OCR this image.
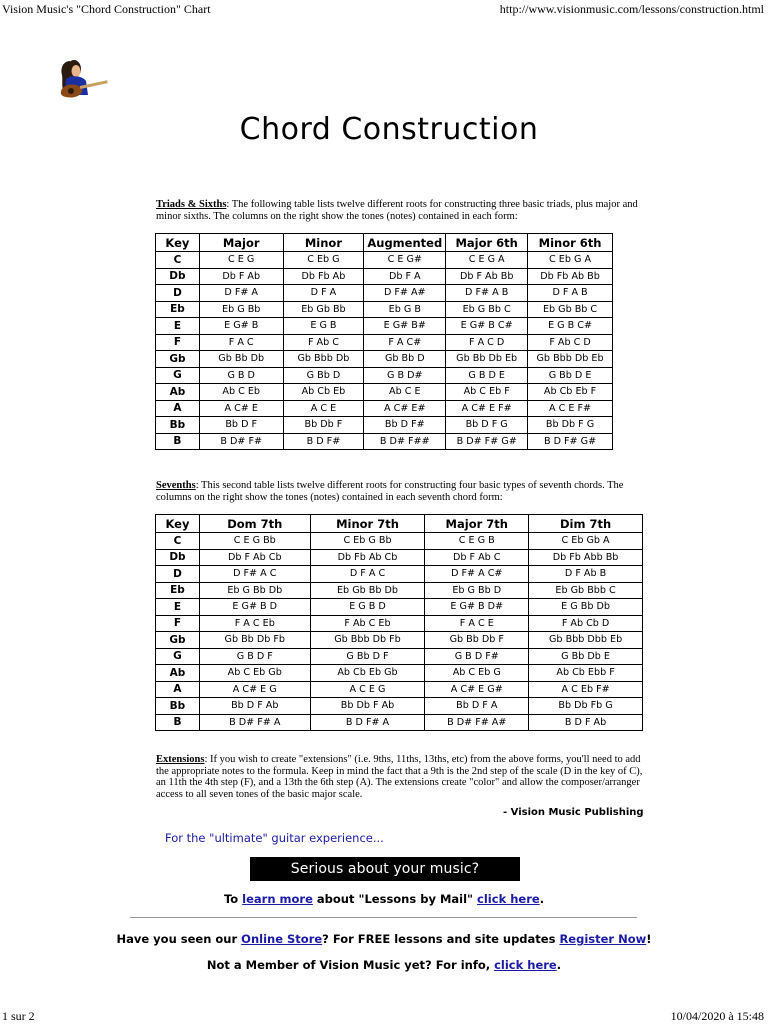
Vision Music's "Chord Construction" Chart	http://www.visionmusic.com/lessons/construction.html
Chord Construction
Triads & Sixths: The following table lists twelve different roots for constructing three basic triads, plus major and minor sixths. The columns on the right show the tones (notes) contained in each form:
Key	Major	Minor	Augmented	Major 6th	Minor 6th
C	C E G	C Eb G	C E G#	C E G A	C Eb G A
Db	Db F Ab	Db Fb Ab	Db F A	Db F Ab Bb	Db Fb Ab Bb
D	D F# A	D F A	D F# A#	D F# A B	D F A B
Eb	Eb G Bb	Eb Gb Bb	Eb G B	Eb G Bb C	Eb Gb Bb C
E	E G# B	E G B	E G# B#	E G# B C#	E G B C#
F	F A C	F Ab C	F A C#	F A C D	F Ab C D
Gb	Gb Bb Db	Gb Bbb Db	Gb Bb D	Gb Bb Db Eb	Gb Bbb Db Eb
G	G B D	G Bb D	G B D#	G B D E	G Bb D E
Ab	Ab C Eb	Ab Cb Eb	Ab C E	Ab C Eb F	Ab Cb Eb F
A	A C# E	A C E	A C# E#	A C# E F#	A C E F#
Bb	Bb D F	Bb Db F	Bb D F#	Bb D F G	Bb Db F G
B	B D# F#	B D F#	B D# F##	B D# F# G#	B D F# G#
Sevenths: This second table lists twelve different roots for constructing four basic types of seventh chords. The columns on the right show the tones (notes) contained in each seventh chord form:
Key	Dom 7th	Minor 7th	Major 7th	Dim 7th
C	C E G Bb	C Eb G Bb	C E G B	C Eb Gb A
Db	Db F Ab Cb	Db Fb Ab Cb	Db F Ab C	Db Fb Abb Bb
D	D F# A C	D F A C	D F# A C#	D F Ab B
Eb	Eb G Bb Db	Eb Gb Bb Db	Eb G Bb D	Eb Gb Bbb C
E	E G# B D	E G B D	E G# B D#	E G Bb Db
F	F A C Eb	F Ab C Eb	F A C E	F Ab Cb D
Gb	Gb Bb Db Fb	Gb Bbb Db Fb	Gb Bb Db F	Gb Bbb Dbb Eb
G	G B D F	G Bb D F	G B D F#	G Bb Db E
Ab	Ab C Eb Gb	Ab Cb Eb Gb	Ab C Eb G	Ab Cb Ebb F
A	A C# E G	A C E G	A C# E G#	A C Eb F#
Bb	Bb D F Ab	Bb Db F Ab	Bb D F A	Bb Db Fb G
B	B D# F# A	B D F# A	B D# F# A#	B D F Ab
Extensions: If you wish to create "extensions" (i.e. 9ths, 11ths, 13ths, etc) from the above forms, you'll need to add the appropriate notes to the formula. Keep in mind the fact that a 9th is the 2nd step of the scale (D in the key of C), an 11th the 4th step (F), and a 13th the 6th step (A). The extensions create "color" and allow the composer/arranger access to all seven tones of the basic major scale.
- Vision Music Publishing
For the "ultimate" guitar experience...
Serious about your music?
To learn more about "Lessons by Mail" click here.
Have you seen our Online Store? For FREE lessons and site updates Register Now!
Not a Member of Vision Music yet? For info, click here.
1 sur 2	10/04/2020 à 15:48
